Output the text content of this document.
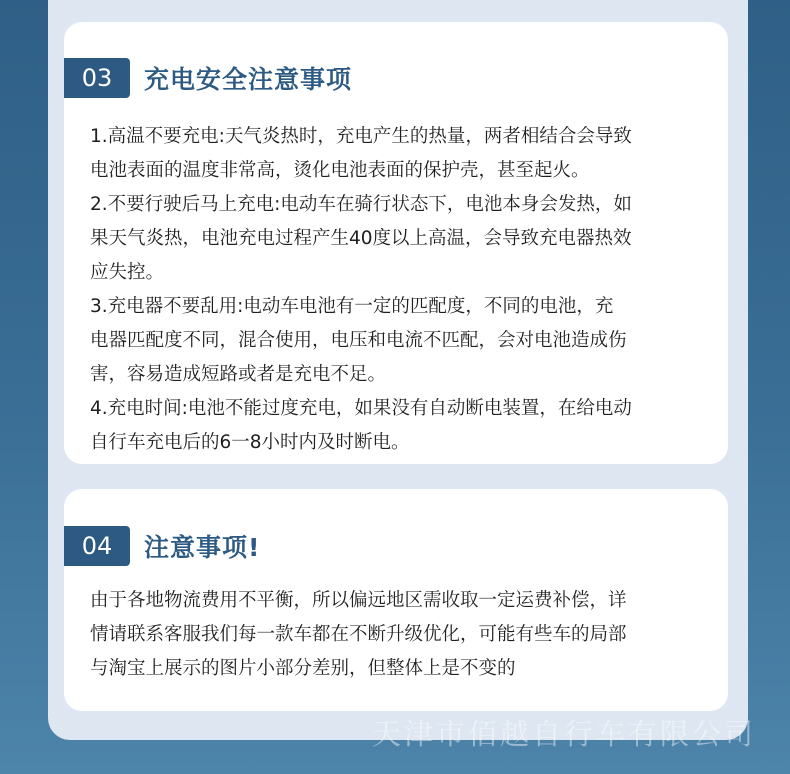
03	充电安全注意事项
1.高温不要充电:天气炎热时，充电产生的热量，两者相结合会导致
电池表面的温度非常高，烫化电池表面的保护壳，甚至起火。
2.不要行驶后马上充电:电动车在骑行状态下，电池本身会发热，如
果天气炎热，电池充电过程产生40度以上高温，会导致充电器热效
应失控。
3.充电器不要乱用:电动车电池有一定的匹配度，不同的电池，充
电器匹配度不同，混合使用，电压和电流不匹配，会对电池造成伤
害，容易造成短路或者是充电不足。
4.充电时间:电池不能过度充电，如果没有自动断电装置，在给电动
自行车充电后的6一8小时内及时断电。
04	注意事项!
由于各地物流费用不平衡，所以偏远地区需收取一定运费补偿，详
情请联系客服我们每一款车都在不断升级优化，可能有些车的局部
与淘宝上展示的图片小部分差别，但整体上是不变的
天津市佰越自行车有限公司
